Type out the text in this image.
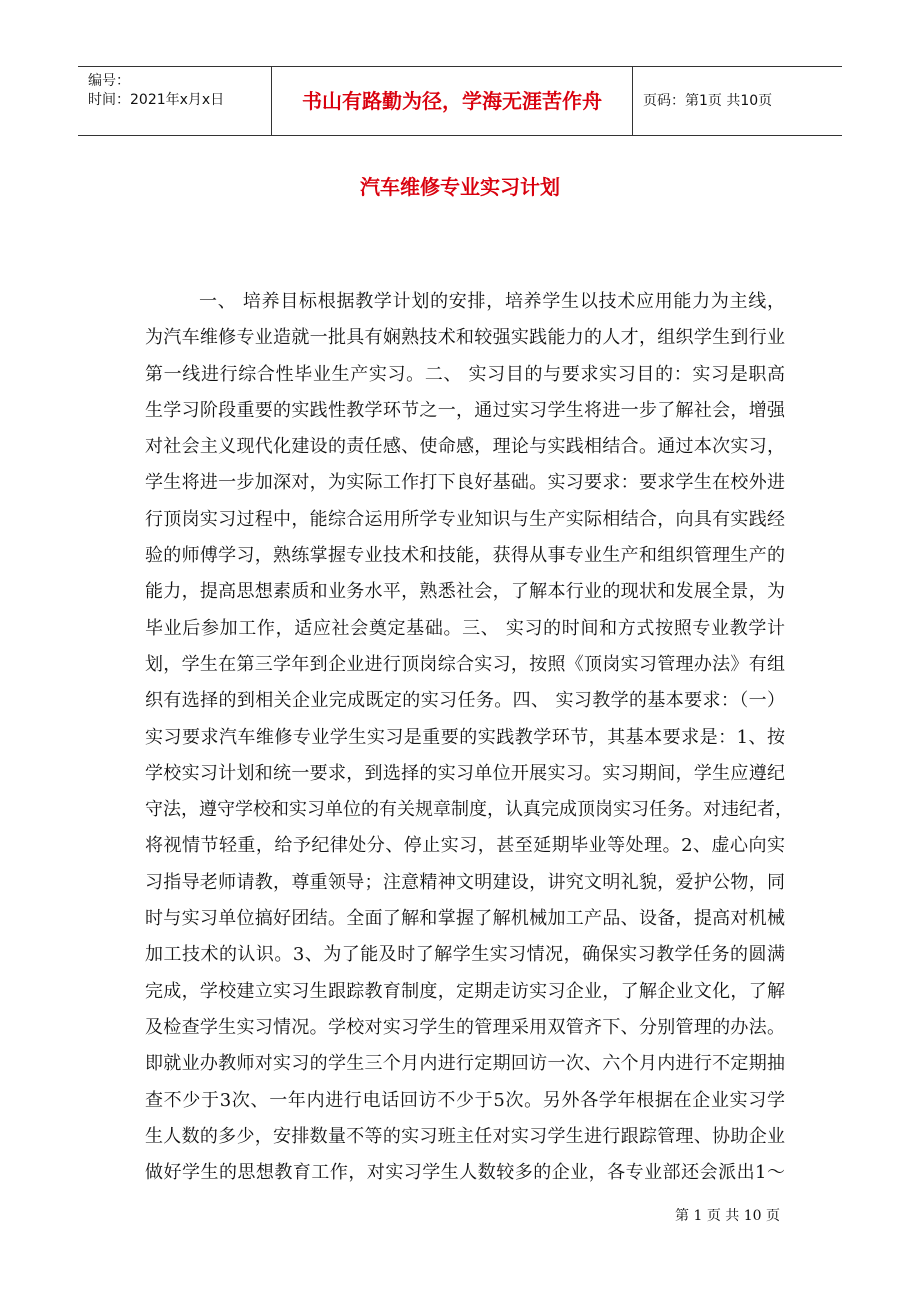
编号：
时间：2021年x月x日	书山有路勤为径，学海无涯苦作舟	页码：第1页 共10页
汽车维修专业实习计划
一、 培养目标根据教学计划的安排，培养学生以技术应用能力为主线，
为汽车维修专业造就一批具有娴熟技术和较强实践能力的人才，组织学生到行业
第一线进行综合性毕业生产实习。二、 实习目的与要求实习目的：实习是职高
生学习阶段重要的实践性教学环节之一，通过实习学生将进一步了解社会，增强
对社会主义现代化建设的责任感、使命感，理论与实践相结合。通过本次实习，
学生将进一步加深对，为实际工作打下良好基础。实习要求：要求学生在校外进
行顶岗实习过程中，能综合运用所学专业知识与生产实际相结合，向具有实践经
验的师傅学习，熟练掌握专业技术和技能，获得从事专业生产和组织管理生产的
能力，提高思想素质和业务水平，熟悉社会，了解本行业的现状和发展全景，为
毕业后参加工作，适应社会奠定基础。三、 实习的时间和方式按照专业教学计
划，学生在第三学年到企业进行顶岗综合实习，按照《顶岗实习管理办法》有组
织有选择的到相关企业完成既定的实习任务。四、 实习教学的基本要求：（一）
实习要求汽车维修专业学生实习是重要的实践教学环节，其基本要求是：1、按
学校实习计划和统一要求，到选择的实习单位开展实习。实习期间，学生应遵纪
守法，遵守学校和实习单位的有关规章制度，认真完成顶岗实习任务。对违纪者，
将视情节轻重，给予纪律处分、停止实习，甚至延期毕业等处理。2、虚心向实
习指导老师请教，尊重领导；注意精神文明建设，讲究文明礼貌，爱护公物，同
时与实习单位搞好团结。全面了解和掌握了解机械加工产品、设备，提高对机械
加工技术的认识。3、为了能及时了解学生实习情况，确保实习教学任务的圆满
完成，学校建立实习生跟踪教育制度，定期走访实习企业，了解企业文化，了解
及检查学生实习情况。学校对实习学生的管理采用双管齐下、分别管理的办法。
即就业办教师对实习的学生三个月内进行定期回访一次、六个月内进行不定期抽
查不少于3次、一年内进行电话回访不少于5次。另外各学年根据在企业实习学
生人数的多少，安排数量不等的实习班主任对实习学生进行跟踪管理、协助企业
做好学生的思想教育工作，对实习学生人数较多的企业，各专业部还会派出1～
第 1 页 共 10 页
